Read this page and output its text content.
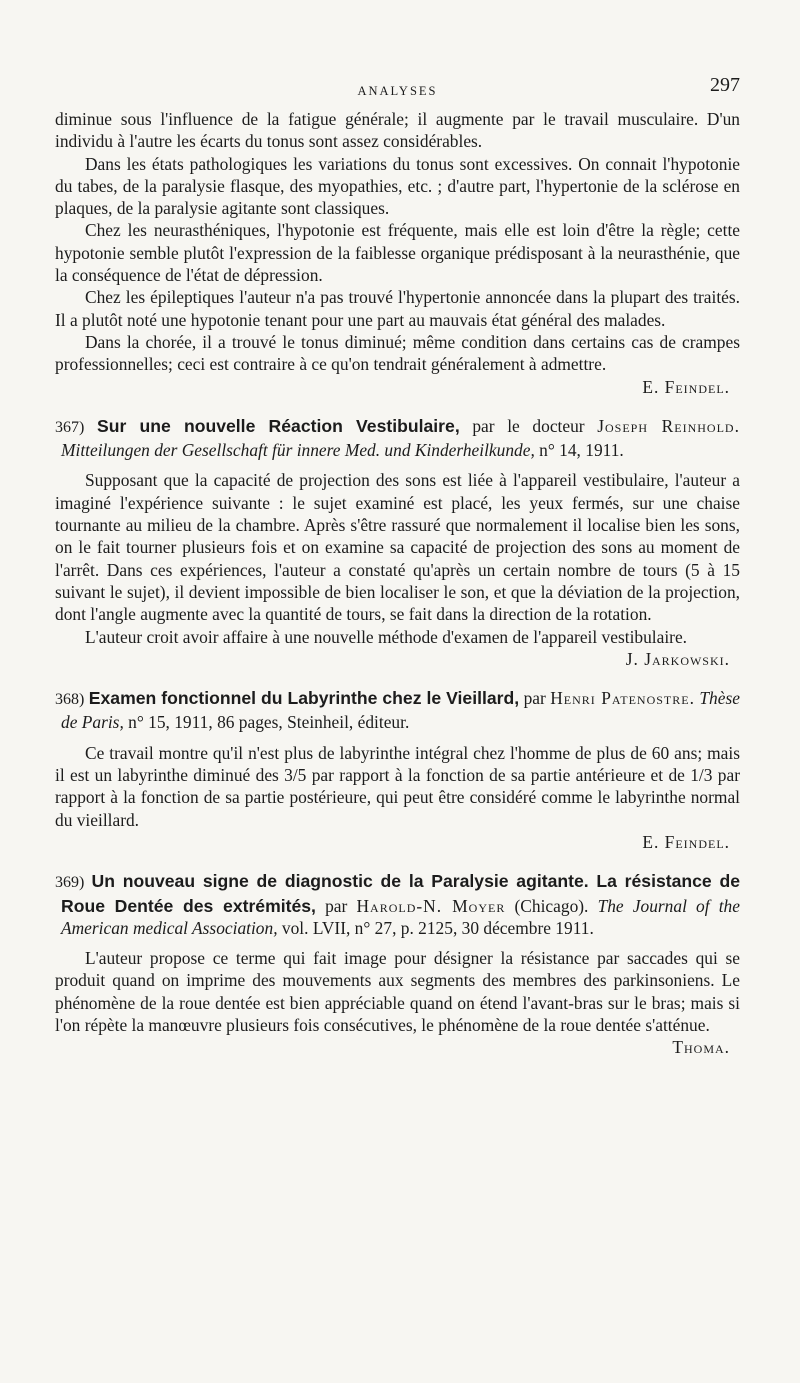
ANALYSES	297

diminue sous l'influence de la fatigue générale; il augmente par le travail musculaire. D'un individu à l'autre les écarts du tonus sont assez considérables.

Dans les états pathologiques les variations du tonus sont excessives. On connait l'hypotonie du tabes, de la paralysie flasque, des myopathies, etc. ; d'autre part, l'hypertonie de la sclérose en plaques, de la paralysie agitante sont classiques.

Chez les neurasthéniques, l'hypotonie est fréquente, mais elle est loin d'être la règle; cette hypotonie semble plutôt l'expression de la faiblesse organique prédisposant à la neurasthénie, que la conséquence de l'état de dépression.

Chez les épileptiques l'auteur n'a pas trouvé l'hypertonie annoncée dans la plupart des traités. Il a plutôt noté une hypotonie tenant pour une part au mauvais état général des malades.

Dans la chorée, il a trouvé le tonus diminué; même condition dans certains cas de crampes professionnelles; ceci est contraire à ce qu'on tendrait généralement à admettre.

E. Feindel.

367) Sur une nouvelle Réaction Vestibulaire, par le docteur Joseph Reinhold. Mitteilungen der Gesellschaft für innere Med. und Kinderheilkunde, n° 14, 1911.

Supposant que la capacité de projection des sons est liée à l'appareil vestibulaire, l'auteur a imaginé l'expérience suivante : le sujet examiné est placé, les yeux fermés, sur une chaise tournante au milieu de la chambre. Après s'être rassuré que normalement il localise bien les sons, on le fait tourner plusieurs fois et on examine sa capacité de projection des sons au moment de l'arrêt. Dans ces expériences, l'auteur a constaté qu'après un certain nombre de tours (5 à 15 suivant le sujet), il devient impossible de bien localiser le son, et que la déviation de la projection, dont l'angle augmente avec la quantité de tours, se fait dans la direction de la rotation.

L'auteur croit avoir affaire à une nouvelle méthode d'examen de l'appareil vestibulaire.

J. Jarkowski.

368) Examen fonctionnel du Labyrinthe chez le Vieillard, par Henri Patenostre. Thèse de Paris, n° 15, 1911, 86 pages, Steinheil, éditeur.

Ce travail montre qu'il n'est plus de labyrinthe intégral chez l'homme de plus de 60 ans; mais il est un labyrinthe diminué des 3/5 par rapport à la fonction de sa partie antérieure et de 1/3 par rapport à la fonction de sa partie postérieure, qui peut être considéré comme le labyrinthe normal du vieillard.

E. Feindel.

369) Un nouveau signe de diagnostic de la Paralysie agitante. La résistance de Roue Dentée des extrémités, par Harold-N. Moyer (Chicago). The Journal of the American medical Association, vol. LVII, n° 27, p. 2125, 30 décembre 1911.

L'auteur propose ce terme qui fait image pour désigner la résistance par saccades qui se produit quand on imprime des mouvements aux segments des membres des parkinsoniens. Le phénomène de la roue dentée est bien appréciable quand on étend l'avant-bras sur le bras; mais si l'on répète la manœuvre plusieurs fois consécutives, le phénomène de la roue dentée s'atténue.

Thoma.
